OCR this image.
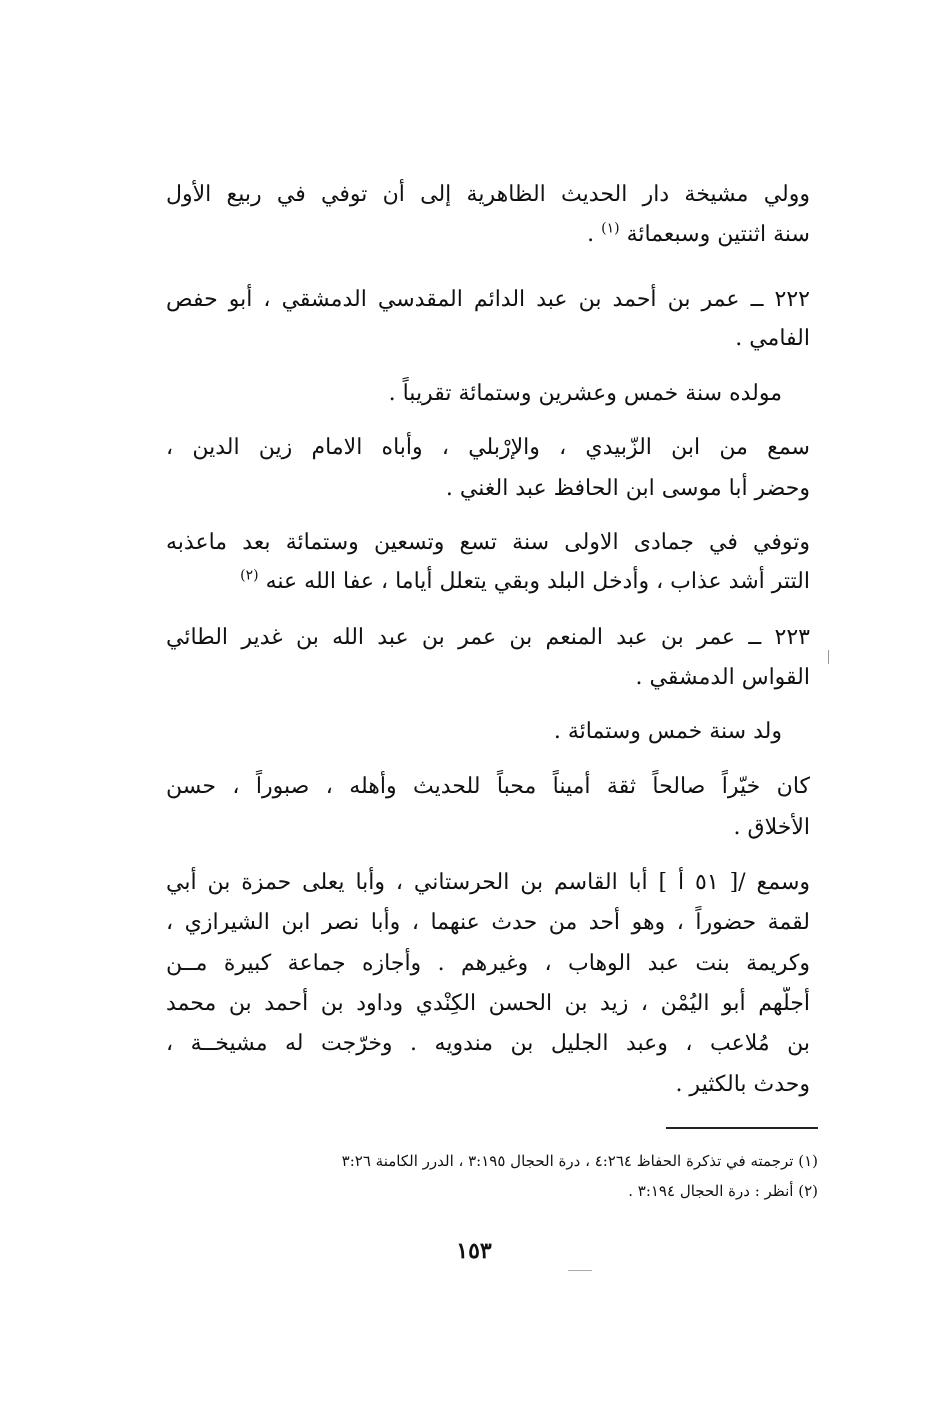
وولي مشيخة دار الحديث الظاهرية إلى أن توفي في ربيع الأول
سنة اثنتين وسبعمائة $^{(١)}$ .
٢٢٢ ــ عمر بن أحمد بن عبد الدائم المقدسي الدمشقي ، أبو حفص
الفامي .
مولده سنة خمس وعشرين وستمائة تقريباً .
سمع من ابن الزّبيدي ، والإرْبلي ، وأباه الامام زين الدين ،
وحضر أبا موسى ابن الحافظ عبد الغني .
وتوفي في جمادى الاولى سنة تسع وتسعين وستمائة بعد ماعذبه
التتر أشد عذاب ، وأدخل البلد وبقي يتعلل أياما ، عفا الله عنه $^{(٢)}$
٢٢٣ ــ عمر بن عبد المنعم بن عمر بن عبد الله بن غدير الطائي
القواس الدمشقي .
ولد سنة خمس وستمائة .
كان خيّراً صالحاً ثقة أميناً محباً للحديث وأهله ، صبوراً ، حسن
الأخلاق .
وسمع /[ ٥١ أ ] أبا القاسم بن الحرستاني ، وأبا يعلى حمزة بن أبي
لقمة حضوراً ، وهو أحد من حدث عنهما ، وأبا نصر ابن الشيرازي ،
وكريمة بنت عبد الوهاب ، وغيرهم . وأجازه جماعة كبيرة مــن
أجلّهم أبو اليُمْن ، زيد بن الحسن الكِنْدي وداود بن أحمد بن محمد
بن مُلاعب ، وعبد الجليل بن مندويه . وخرّجت له مشيخــة ،
وحدث بالكثير .
(١) ترجمته في تذكرة الحفاظ ٤:٢٦٤ ، درة الحجال ٣:١٩٥ ، الدرر الكامنة ٣:٢٦
(٢) أنظر : درة الحجال ٣:١٩٤ .
١٥٣
